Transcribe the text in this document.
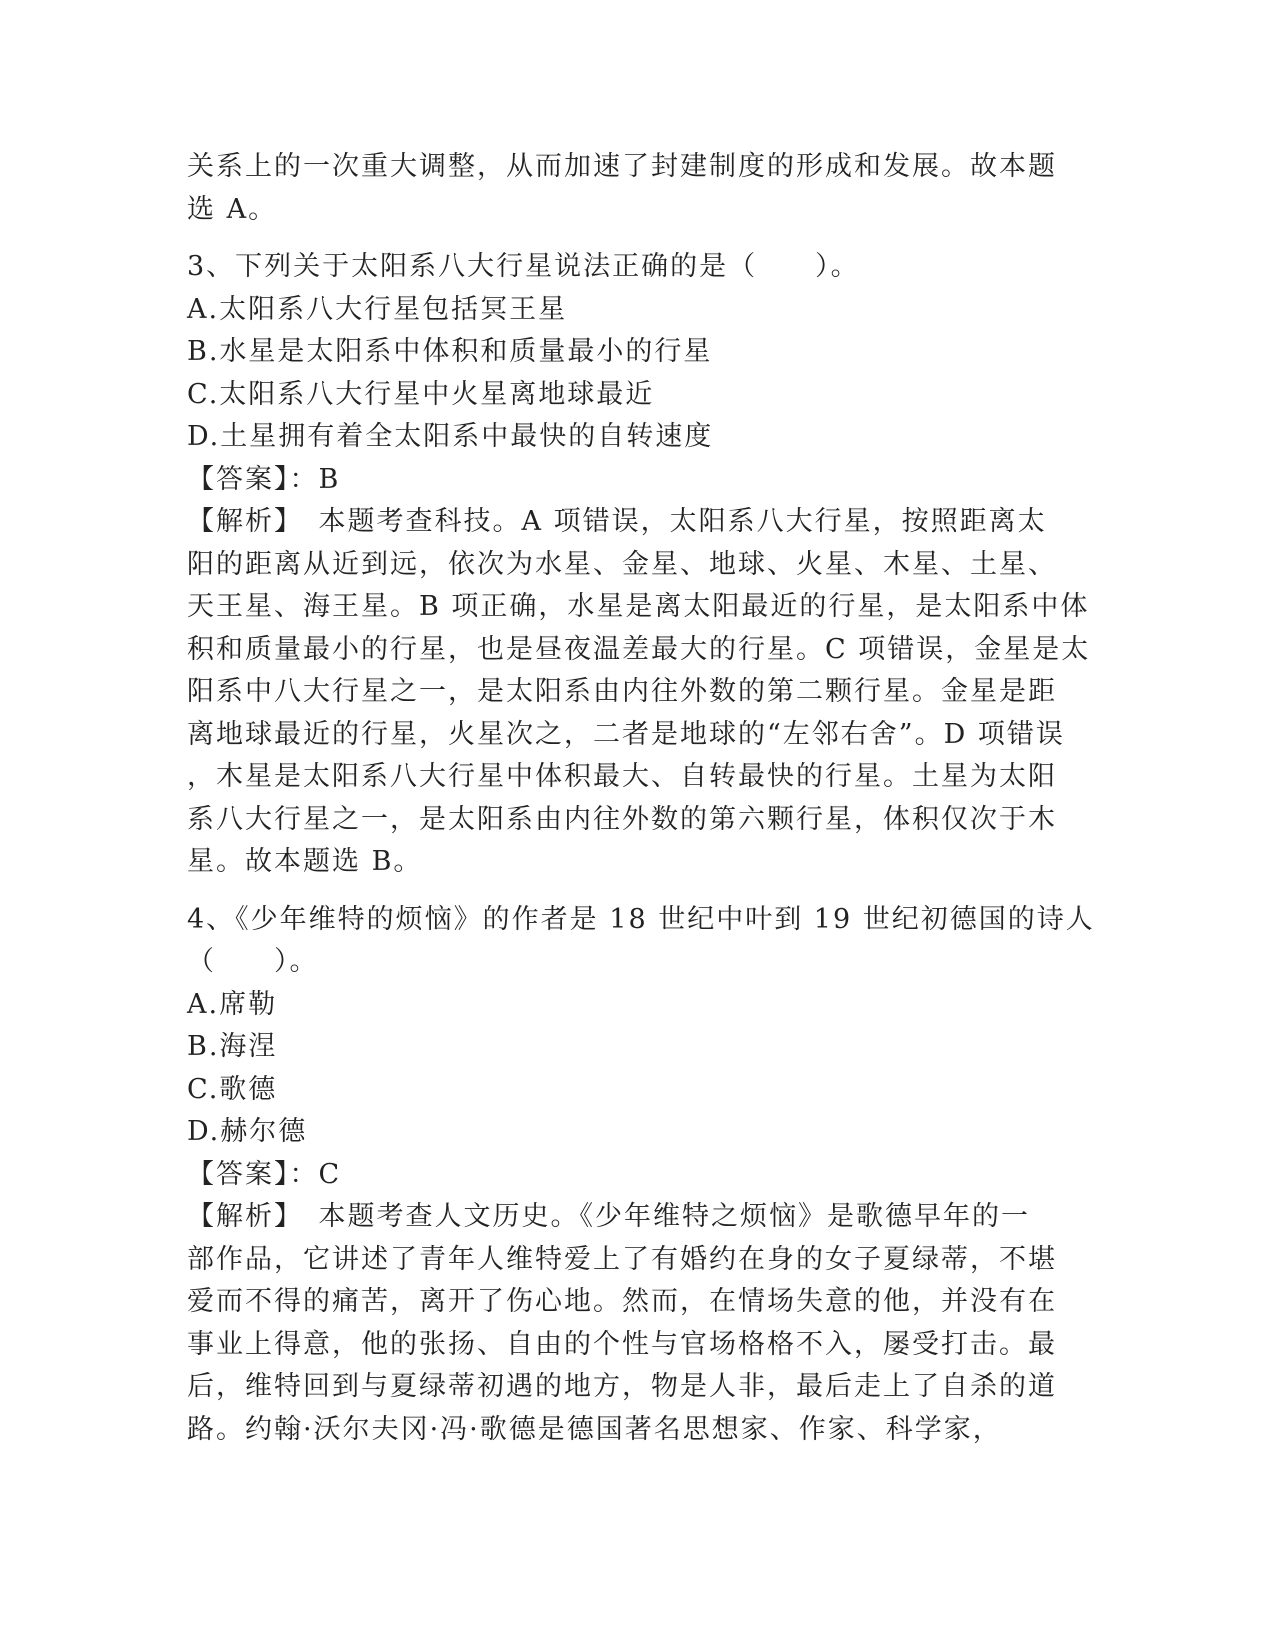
关系上的一次重大调整，从而加速了封建制度的形成和发展。故本题
选 A。
3、下列关于太阳系八大行星说法正确的是（　　）。
A.太阳系八大行星包括冥王星
B.水星是太阳系中体积和质量最小的行星
C.太阳系八大行星中火星离地球最近
D.土星拥有着全太阳系中最快的自转速度
【答案】：B
【解析】　本题考查科技。A 项错误，太阳系八大行星，按照距离太
阳的距离从近到远，依次为水星、金星、地球、火星、木星、土星、
天王星、海王星。B 项正确，水星是离太阳最近的行星，是太阳系中体
积和质量最小的行星，也是昼夜温差最大的行星。C 项错误，金星是太
阳系中八大行星之一，是太阳系由内往外数的第二颗行星。金星是距
离地球最近的行星，火星次之，二者是地球的“左邻右舍”。D 项错误
，木星是太阳系八大行星中体积最大、自转最快的行星。土星为太阳
系八大行星之一，是太阳系由内往外数的第六颗行星，体积仅次于木
星。故本题选 B。
4、《少年维特的烦恼》的作者是 18 世纪中叶到 19 世纪初德国的诗人
（　　）。
A.席勒
B.海涅
C.歌德
D.赫尔德
【答案】：C
【解析】　本题考查人文历史。《少年维特之烦恼》是歌德早年的一
部作品，它讲述了青年人维特爱上了有婚约在身的女子夏绿蒂，不堪
爱而不得的痛苦，离开了伤心地。然而，在情场失意的他，并没有在
事业上得意，他的张扬、自由的个性与官场格格不入，屡受打击。最
后，维特回到与夏绿蒂初遇的地方，物是人非，最后走上了自杀的道
路。约翰·沃尔夫冈·冯·歌德是德国著名思想家、作家、科学家，
